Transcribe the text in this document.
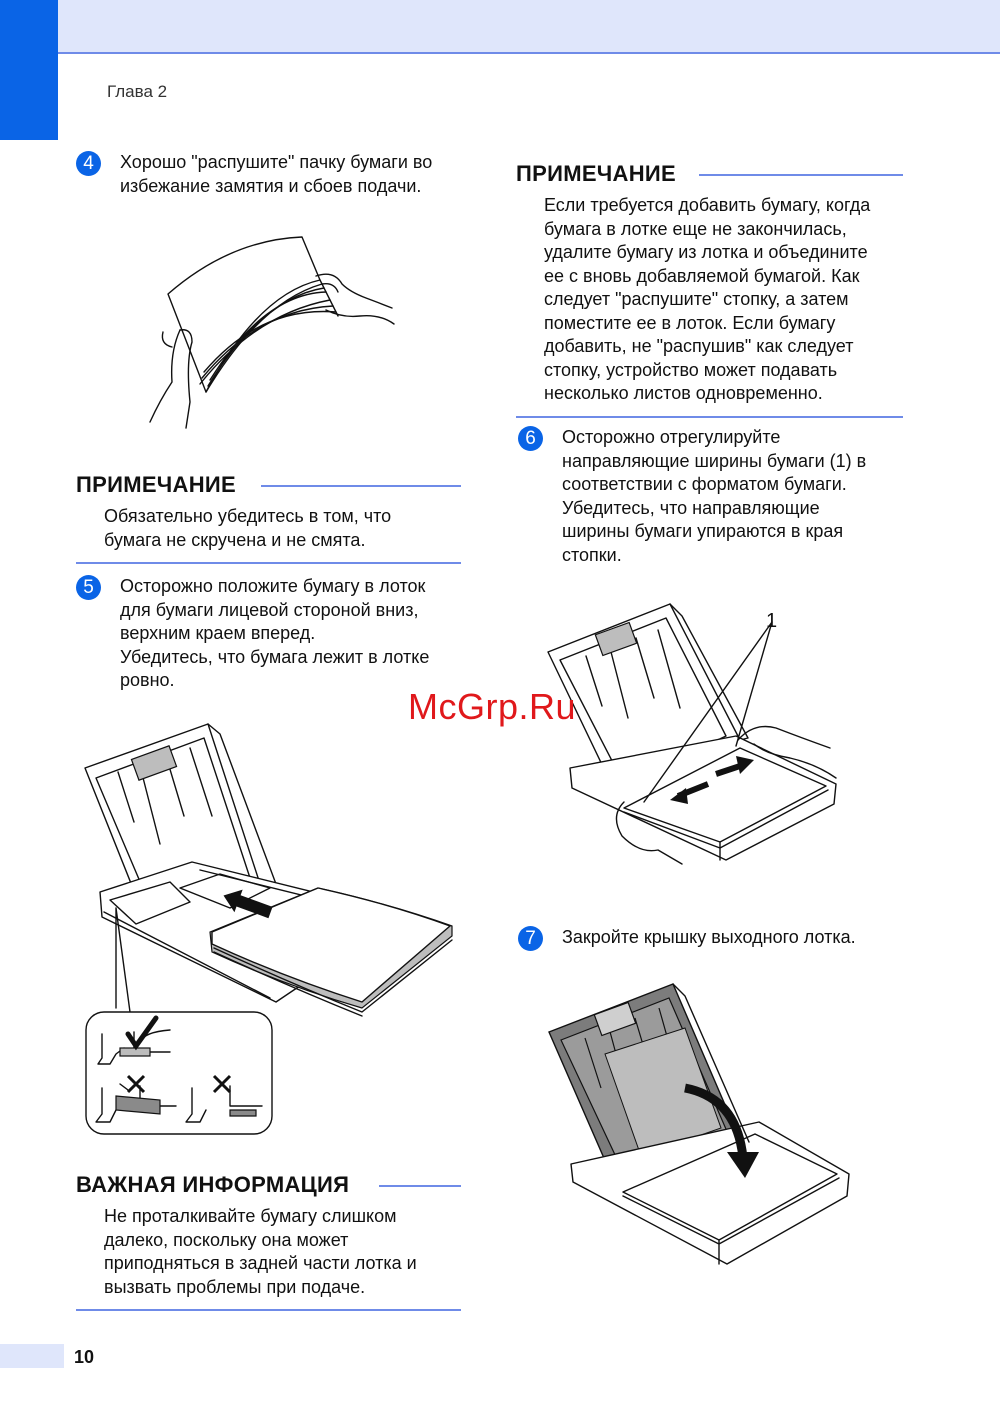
Глава 2
4	Хорошо "распушите" пачку бумаги во
избежание замятия и сбоев подачи.
ПРИМЕЧАНИЕ
Обязательно убедитесь в том, что
бумага не скручена и не смята.
5	Осторожно положите бумагу в лоток
для бумаги лицевой стороной вниз,
верхним краем вперед.
Убедитесь, что бумага лежит в лотке
ровно.
ВАЖНАЯ ИНФОРМАЦИЯ
Не проталкивайте бумагу слишком
далеко, поскольку она может
приподняться в задней части лотка и
вызвать проблемы при подаче.
ПРИМЕЧАНИЕ
Если требуется добавить бумагу, когда
бумага в лотке еще не закончилась,
удалите бумагу из лотка и объедините
ее с вновь добавляемой бумагой. Как
следует "распушите" стопку, а затем
поместите ее в лоток. Если бумагу
добавить, не "распушив" как следует
стопку, устройство может подавать
несколько листов одновременно.
6	Осторожно отрегулируйте
направляющие ширины бумаги (1) в
соответствии с форматом бумаги.
Убедитесь, что направляющие
ширины бумаги упираются в края
стопки.
1
McGrp.Ru
7	Закройте крышку выходного лотка.
10
